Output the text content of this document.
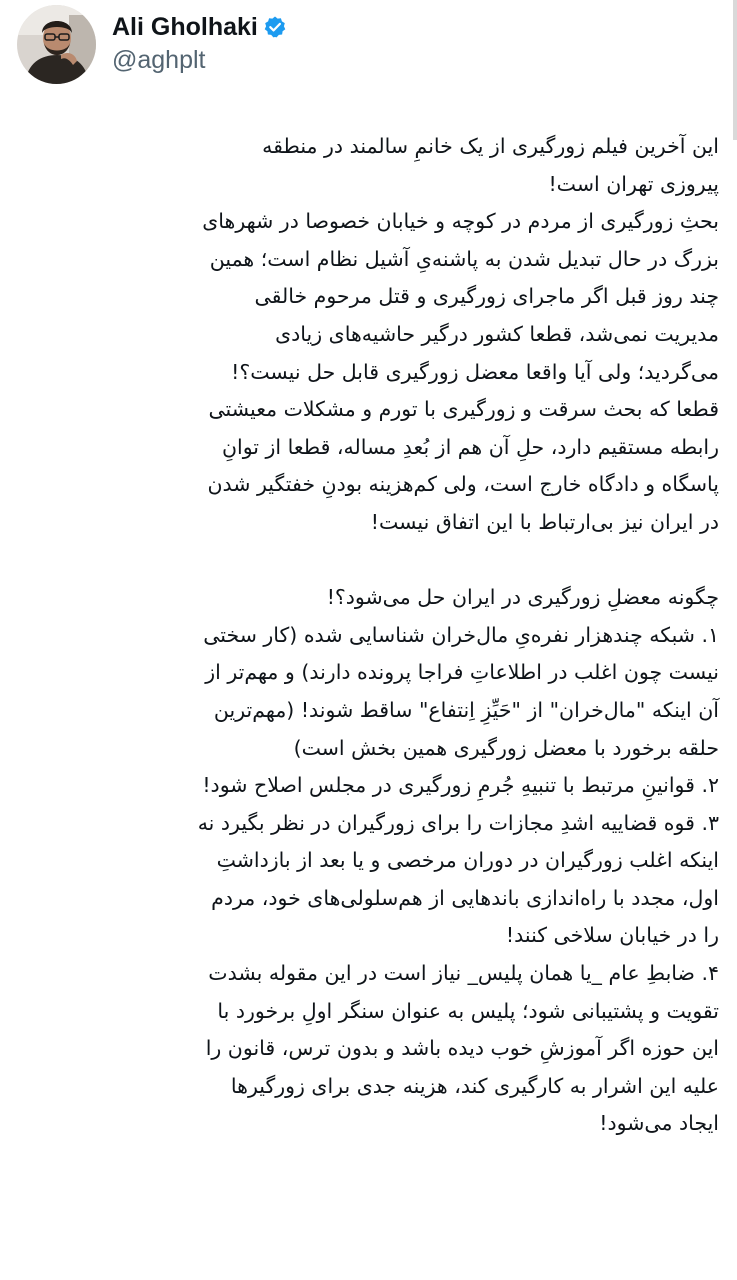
Ali Gholhaki
@aghplt

این آخرین فیلم زورگیری از یک خانمِ سالمند در منطقه

پیروزی تهران است!

بحثِ زورگیری از مردم در کوچه و خیابان خصوصا در شهرهای

بزرگ در حال تبدیل شدن به پاشنه‌یِ آشیل نظام است؛ همین

چند روز قبل اگر ماجرای زورگیری و قتل مرحوم خالقی

مدیریت نمی‌شد، قطعا کشور درگیر حاشیه‌های زیادی

می‌گردید؛ ولی آیا واقعا معضل زورگیری قابل حل نیست؟!

قطعا که بحث سرقت و زورگیری با تورم و مشکلات معیشتی

رابطه مستقیم دارد، حلِ آن هم از بُعدِ مساله، قطعا از توانِ

پاسگاه و دادگاه خارج است، ولی کم‌هزینه بودنِ خفتگیر شدن

در ایران نیز بی‌ارتباط با این اتفاق نیست!

چگونه معضلِ زورگیری در ایران حل می‌شود؟!

۱. شبکه چندهزار نفره‌یِ مال‌خران شناسایی شده (کار سختی

نیست چون اغلب در اطلاعاتِ فراجا پرونده دارند) و مهم‌تر از

آن اینکه "مال‌خران" از "حَیِّزِ اِنتفاع" ساقط شوند! (مهم‌ترین

حلقه برخورد با معضل زورگیری همین بخش است)

۲. قوانینِ مرتبط با تنبیهِ جُرمِ زورگیری در مجلس اصلاح شود!

۳. قوه قضاییه اشدِ مجازات را برای زورگیران در نظر بگیرد نه

اینکه اغلب زورگیران در دوران مرخصی و یا بعد از بازداشتِ

اول، مجدد با راه‌اندازی باندهایی از هم‌سلولی‌های خود، مردم

را در خیابان سلاخی کنند!

۴. ضابطِ عام _یا همان پلیس_ نیاز است در این مقوله بشدت

تقویت و پشتیبانی شود؛ پلیس به عنوان سنگر اولِ برخورد با

این حوزه اگر آموزشِ خوب دیده باشد و بدون ترس، قانون را

علیه این اشرار به کارگیری کند، هزینه جدی برای زورگیرها

ایجاد می‌شود!
